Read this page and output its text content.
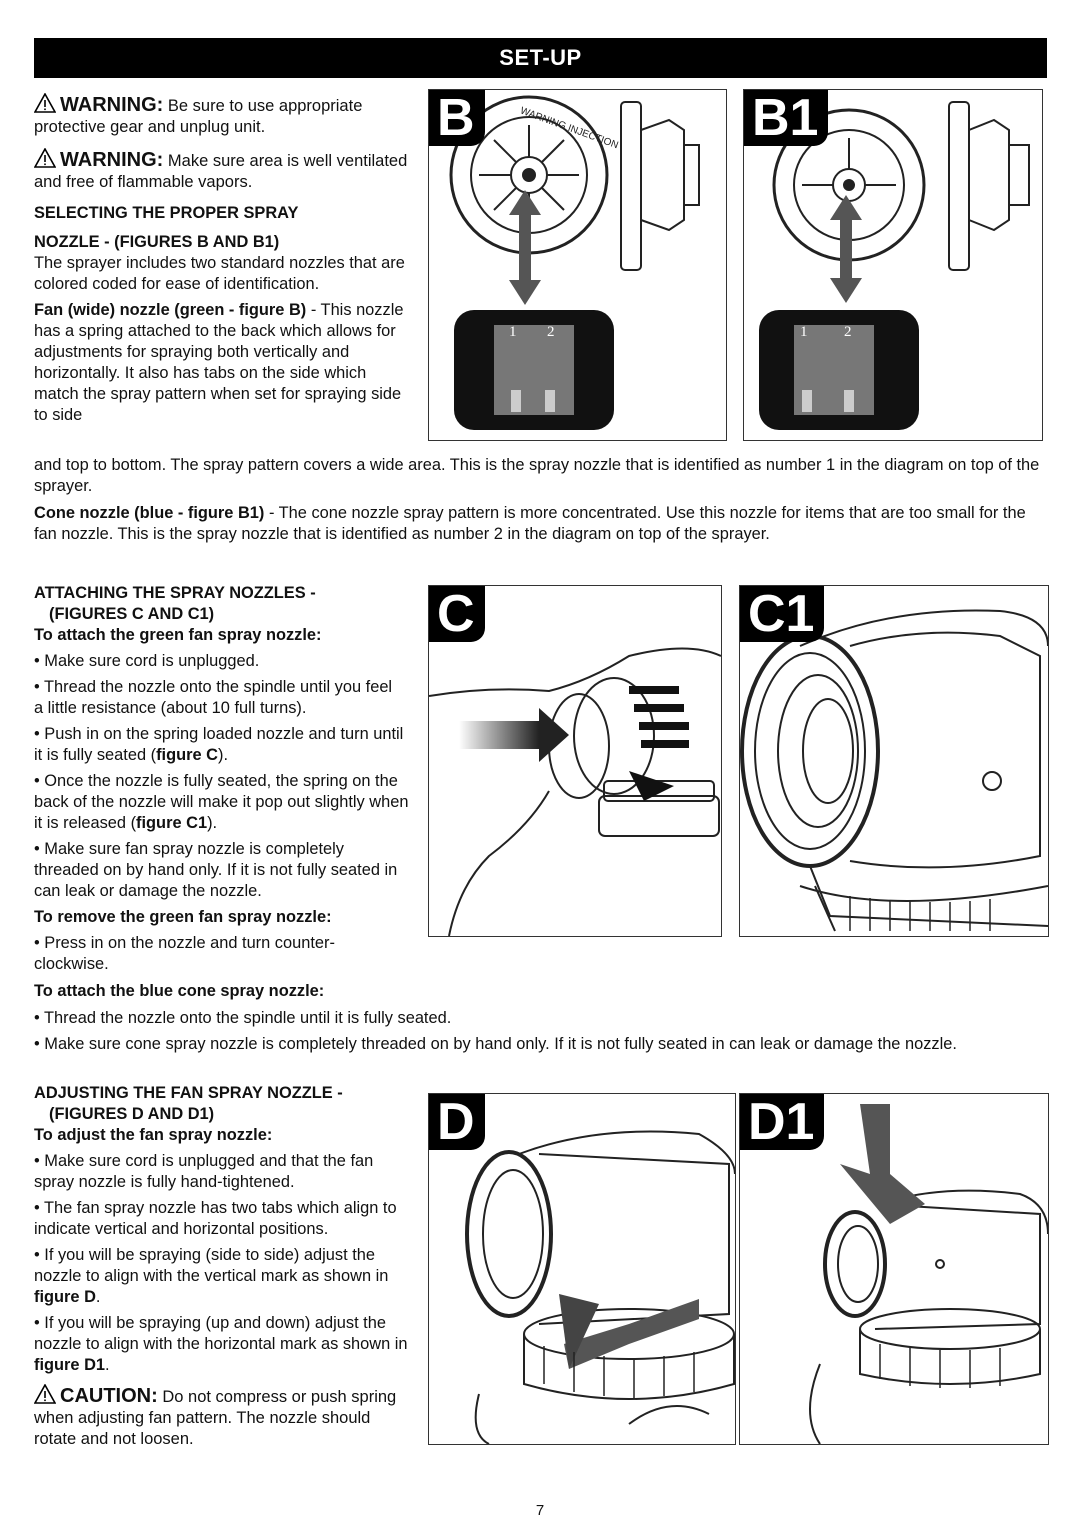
SET-UP

WARNING: Be sure to use appropriate protective gear and unplug unit.

WARNING: Make sure area is well ventilated and free of flammable vapors.

SELECTING THE PROPER SPRAY
NOZZLE - (FIGURES B AND B1)

The sprayer includes two standard nozzles that are colored coded for ease of identification.

Fan (wide) nozzle (green - figure B) - This nozzle has a spring attached to the back which allows for adjustments for spraying both vertically and horizontally. It also has tabs on the side which match the spray pattern when set for spraying side to side

and top to bottom. The spray pattern covers a wide area. This is the spray nozzle that is identified as number 1 in the diagram on top of the sprayer.

Cone nozzle (blue - figure B1) - The cone nozzle spray pattern is more concentrated. Use this nozzle for items that are too small for the fan nozzle. This is the spray nozzle that is identified as number 2 in the diagram on top of the sprayer.

WARNING INJECTION
1 2
B
1 2
B1
ATTACHING THE SPRAY NOZZLES -
(FIGURES C AND C1)
To attach the green fan spray nozzle:

• Make sure cord is unplugged.

• Thread the nozzle onto the spindle until you feel a little resistance (about 10 full turns).

• Push in on the spring loaded nozzle and turn until it is fully seated (figure C).

• Once the nozzle is fully seated, the spring on the back of the nozzle will make it pop out slightly when it is released (figure C1).

• Make sure fan spray nozzle is completely threaded on by hand only. If it is not fully seated in can leak or damage the nozzle.

To remove the green fan spray nozzle:

• Press in on the nozzle and turn counter-clockwise.

To attach the blue cone spray nozzle:

• Thread the nozzle onto the spindle until it is fully seated.

• Make sure cone spray nozzle is completely threaded on by hand only. If it is not fully seated in can leak or damage the nozzle.

C	C1
ADJUSTING THE FAN SPRAY NOZZLE -
(FIGURES D AND D1)
To adjust the fan spray nozzle:

• Make sure cord is unplugged and that the fan spray nozzle is fully hand-tightened.

• The fan spray nozzle has two tabs which align to indicate vertical and horizontal positions.

• If you will be spraying (side to side) adjust the nozzle to align with the vertical mark as shown in figure D.

• If you will be spraying (up and down) adjust the nozzle to align with the horizontal mark as shown in figure D1.

CAUTION: Do not compress or push spring when adjusting fan pattern. The nozzle should rotate and not loosen.

D	D1
7
